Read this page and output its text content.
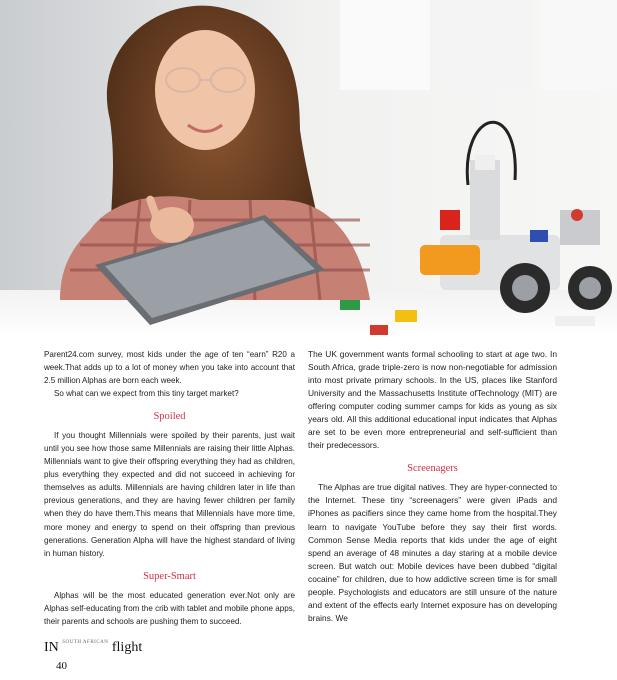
Parent24.com survey, most kids under the age of ten “earn” R20 a week.That adds up to a lot of money when you take into account that 2.5 million Alphas are born each week.

So what can we expect from this tiny target market?

Spoiled

If you thought Millennials were spoiled by their parents, just wait until you see how those same Millennials are raising their little Alphas. Millennials want to give their offspring everything they had as children, plus everything they expected and did not succeed in achieving for themselves as adults. Millennials are having children later in life than previous generations, and they are having fewer children per family when they do have them.This means that Millennials have more time, more money and energy to spend on their offspring than previous generations. Generation Alpha will have the highest standard of living in human history.

Super-Smart

Alphas will be the most educated generation ever.Not only are Alphas self-educating from the crib with tablet and mobile phone apps, their parents and schools are pushing them to succeed.

The UK government wants formal schooling to start at age two. In South Africa, grade triple-zero is now non-negotiable for admission into most private primary schools. In the US, places like Stanford University and the Massachusetts Institute ofTechnology (MIT) are offering computer coding summer camps for kids as young as six years old. All this additional educational input indicates that Alphas are set to be even more entrepreneurial and self-sufficient than their predecessors.

Screenagers

The Alphas are true digital natives. They are hyper-connected to the Internet. These tiny “screenagers” were given iPads and iPhones as pacifiers since they came home from the hospital.They learn to navigate YouTube before they say their first words. Common Sense Media reports that kids under the age of eight spend an average of 48 minutes a day staring at a mobile device screen. But watch out: Mobile devices have been dubbed “digital cocaine” for children, due to how addictive screen time is for small people. Psychologists and educators are still unsure of the nature and extent of the effects early Internet exposure has on developing brains. We

IN $^{SOUTH AFRICAN}$ flight
40
